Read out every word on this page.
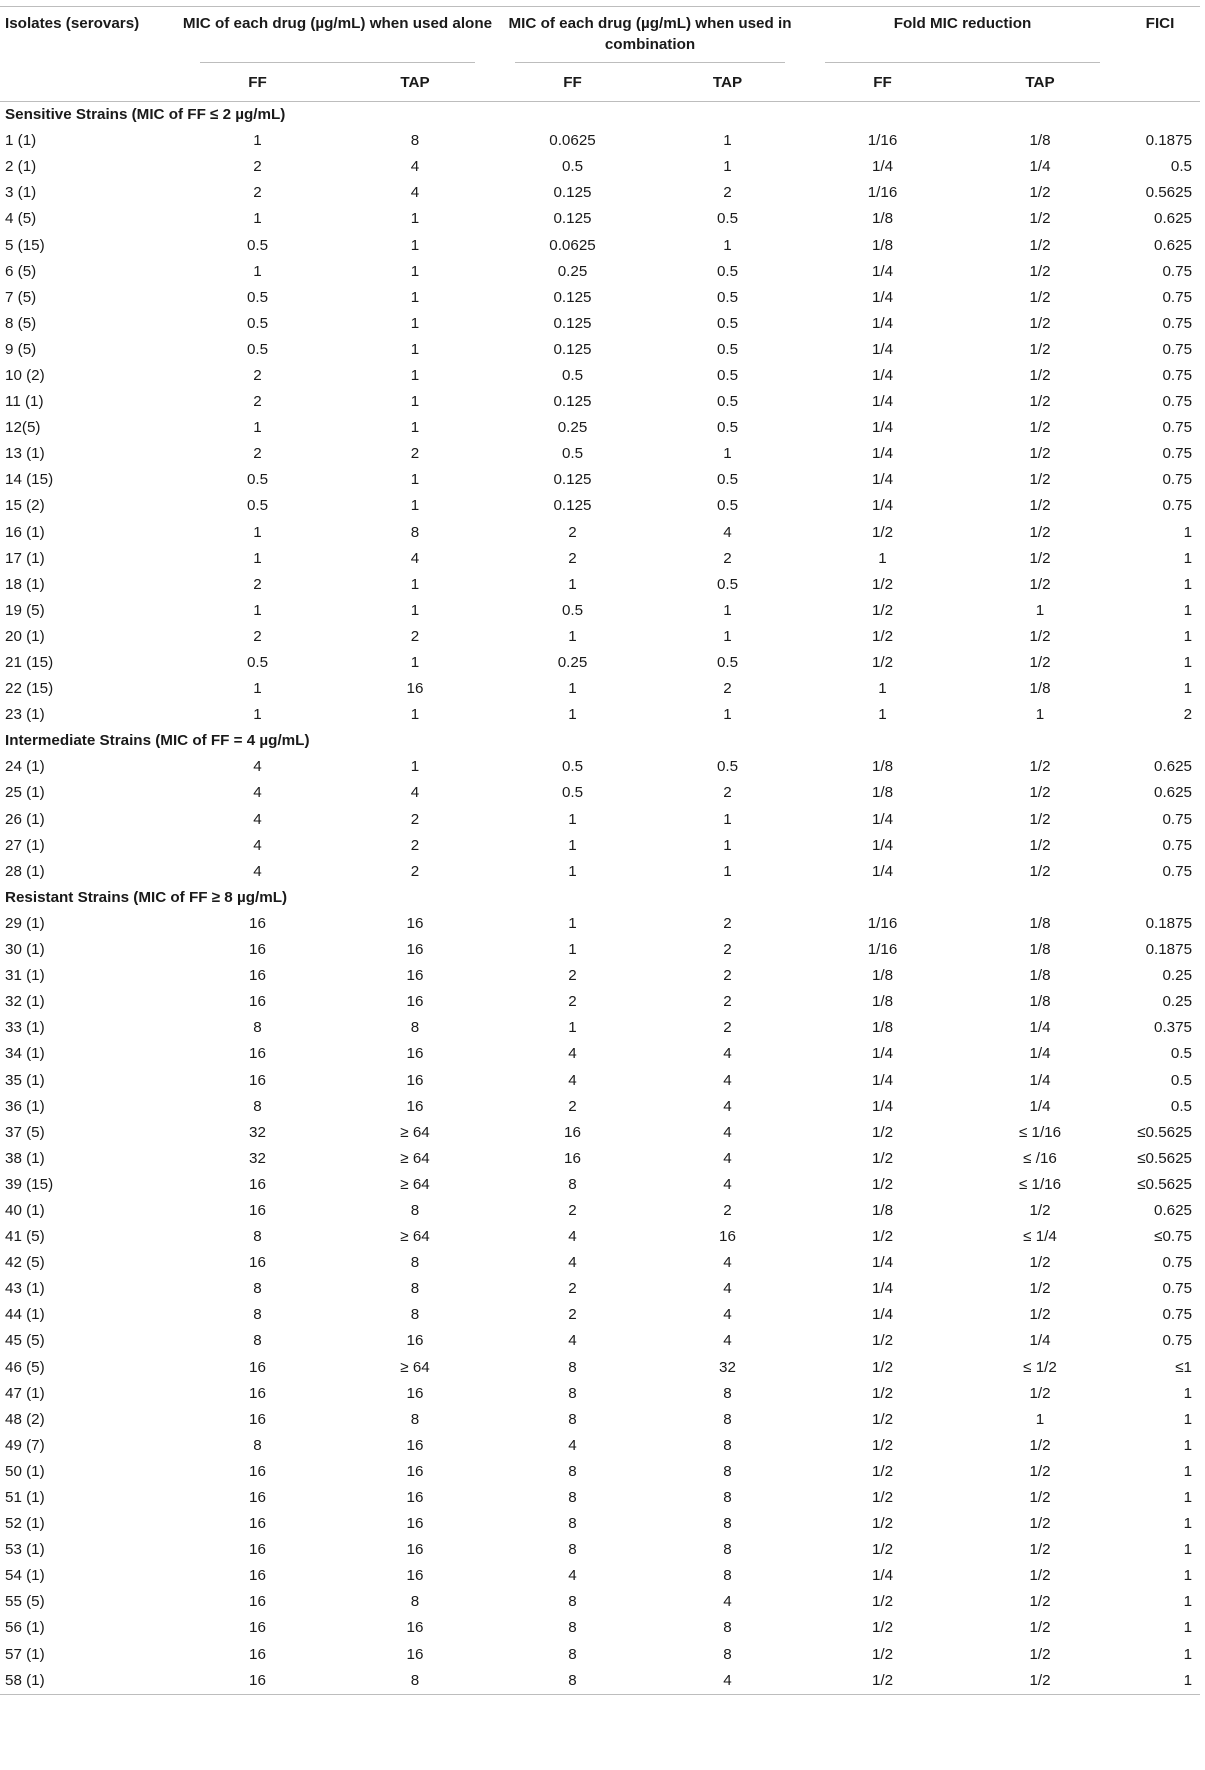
Isolates (serovars)	MIC of each drug (µg/mL) when used alone		MIC of each drug (µg/mL) when used in combination		Fold MIC reduction		FICI
	FF	TAP	FF	TAP	FF	TAP	
Sensitive Strains (MIC of FF ≤ 2 µg/mL)							
1 (1)	1	8	0.0625	1	1/16	1/8	0.1875
2 (1)	2	4	0.5	1	1/4	1/4	0.5
3 (1)	2	4	0.125	2	1/16	1/2	0.5625
4 (5)	1	1	0.125	0.5	1/8	1/2	0.625
5 (15)	0.5	1	0.0625	1	1/8	1/2	0.625
6 (5)	1	1	0.25	0.5	1/4	1/2	0.75
7 (5)	0.5	1	0.125	0.5	1/4	1/2	0.75
8 (5)	0.5	1	0.125	0.5	1/4	1/2	0.75
9 (5)	0.5	1	0.125	0.5	1/4	1/2	0.75
10 (2)	2	1	0.5	0.5	1/4	1/2	0.75
11 (1)	2	1	0.125	0.5	1/4	1/2	0.75
12(5)	1	1	0.25	0.5	1/4	1/2	0.75
13 (1)	2	2	0.5	1	1/4	1/2	0.75
14 (15)	0.5	1	0.125	0.5	1/4	1/2	0.75
15 (2)	0.5	1	0.125	0.5	1/4	1/2	0.75
16 (1)	1	8	2	4	1/2	1/2	1
17 (1)	1	4	2	2	1	1/2	1
18 (1)	2	1	1	0.5	1/2	1/2	1
19 (5)	1	1	0.5	1	1/2	1	1
20 (1)	2	2	1	1	1/2	1/2	1
21 (15)	0.5	1	0.25	0.5	1/2	1/2	1
22 (15)	1	16	1	2	1	1/8	1
23 (1)	1	1	1	1	1	1	2
Intermediate Strains (MIC of FF = 4 µg/mL)							
24 (1)	4	1	0.5	0.5	1/8	1/2	0.625
25 (1)	4	4	0.5	2	1/8	1/2	0.625
26 (1)	4	2	1	1	1/4	1/2	0.75
27 (1)	4	2	1	1	1/4	1/2	0.75
28 (1)	4	2	1	1	1/4	1/2	0.75
Resistant Strains (MIC of FF ≥ 8 µg/mL)							
29 (1)	16	16	1	2	1/16	1/8	0.1875
30 (1)	16	16	1	2	1/16	1/8	0.1875
31 (1)	16	16	2	2	1/8	1/8	0.25
32 (1)	16	16	2	2	1/8	1/8	0.25
33 (1)	8	8	1	2	1/8	1/4	0.375
34 (1)	16	16	4	4	1/4	1/4	0.5
35 (1)	16	16	4	4	1/4	1/4	0.5
36 (1)	8	16	2	4	1/4	1/4	0.5
37 (5)	32	≥ 64	16	4	1/2	≤ 1/16	≤0.5625
38 (1)	32	≥ 64	16	4	1/2	≤ /16	≤0.5625
39 (15)	16	≥ 64	8	4	1/2	≤ 1/16	≤0.5625
40 (1)	16	8	2	2	1/8	1/2	0.625
41 (5)	8	≥ 64	4	16	1/2	≤ 1/4	≤0.75
42 (5)	16	8	4	4	1/4	1/2	0.75
43 (1)	8	8	2	4	1/4	1/2	0.75
44 (1)	8	8	2	4	1/4	1/2	0.75
45 (5)	8	16	4	4	1/2	1/4	0.75
46 (5)	16	≥ 64	8	32	1/2	≤ 1/2	≤1
47 (1)	16	16	8	8	1/2	1/2	1
48 (2)	16	8	8	8	1/2	1	1
49 (7)	8	16	4	8	1/2	1/2	1
50 (1)	16	16	8	8	1/2	1/2	1
51 (1)	16	16	8	8	1/2	1/2	1
52 (1)	16	16	8	8	1/2	1/2	1
53 (1)	16	16	8	8	1/2	1/2	1
54 (1)	16	16	4	8	1/4	1/2	1
55 (5)	16	8	8	4	1/2	1/2	1
56 (1)	16	16	8	8	1/2	1/2	1
57 (1)	16	16	8	8	1/2	1/2	1
58 (1)	16	8	8	4	1/2	1/2	1
